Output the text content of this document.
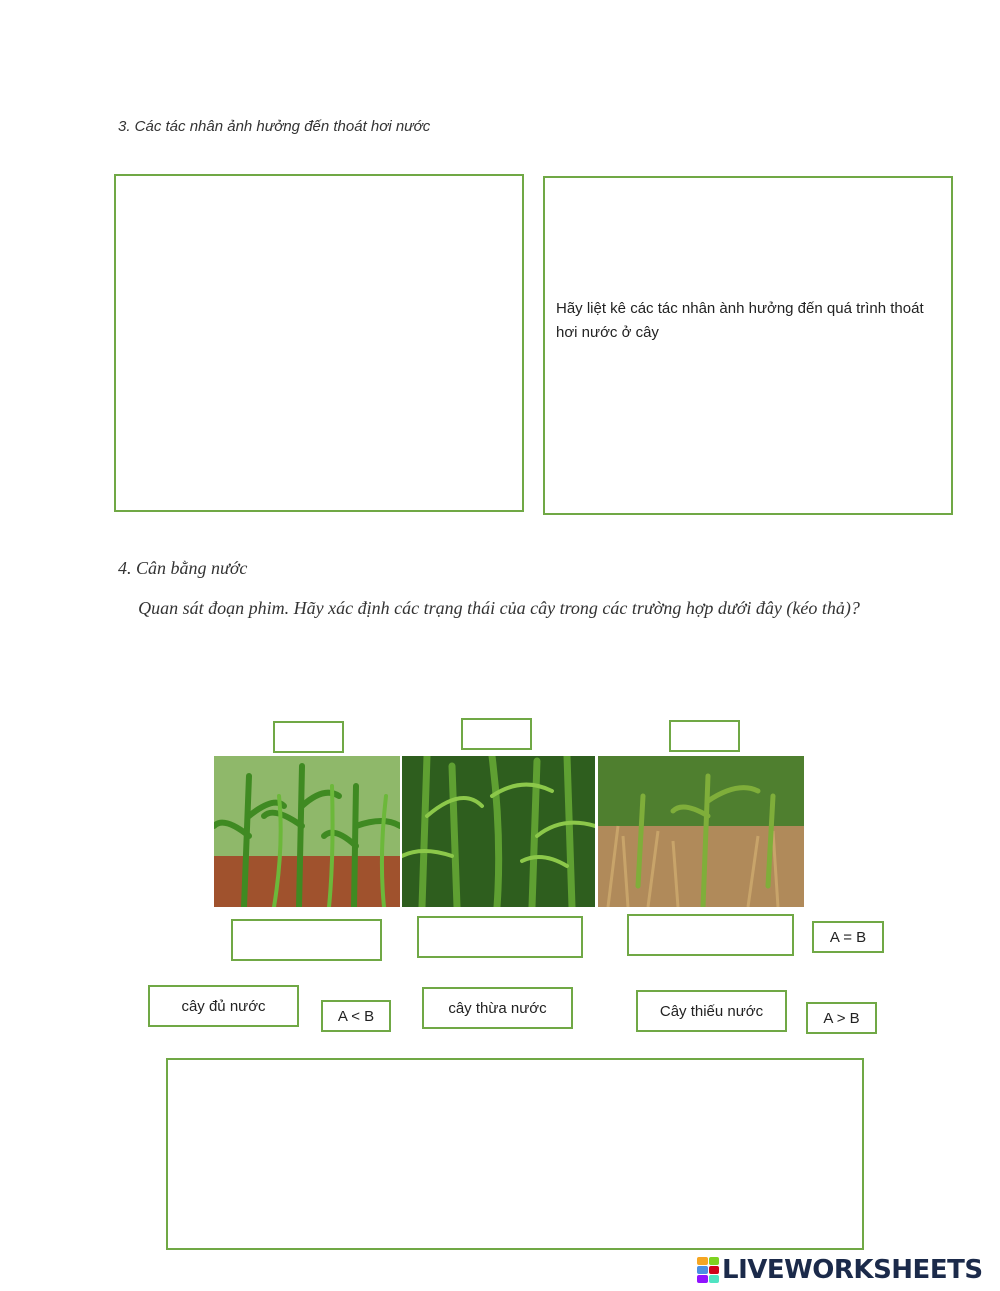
3. Các tác nhân ảnh hưởng đến thoát hơi nước
Hãy liệt kê các tác nhân ành hưởng đến quá trình thoát hơi nước ở cây
4. Cân bằng nước
Quan sát đoạn phim. Hãy xác định các trạng thái của cây trong các trường hợp dưới đây (kéo thả)?
A = B
cây đủ nước
A < B	cây thừa nước	Cây thiếu nước	A > B
LIVEWORKSHEETS
